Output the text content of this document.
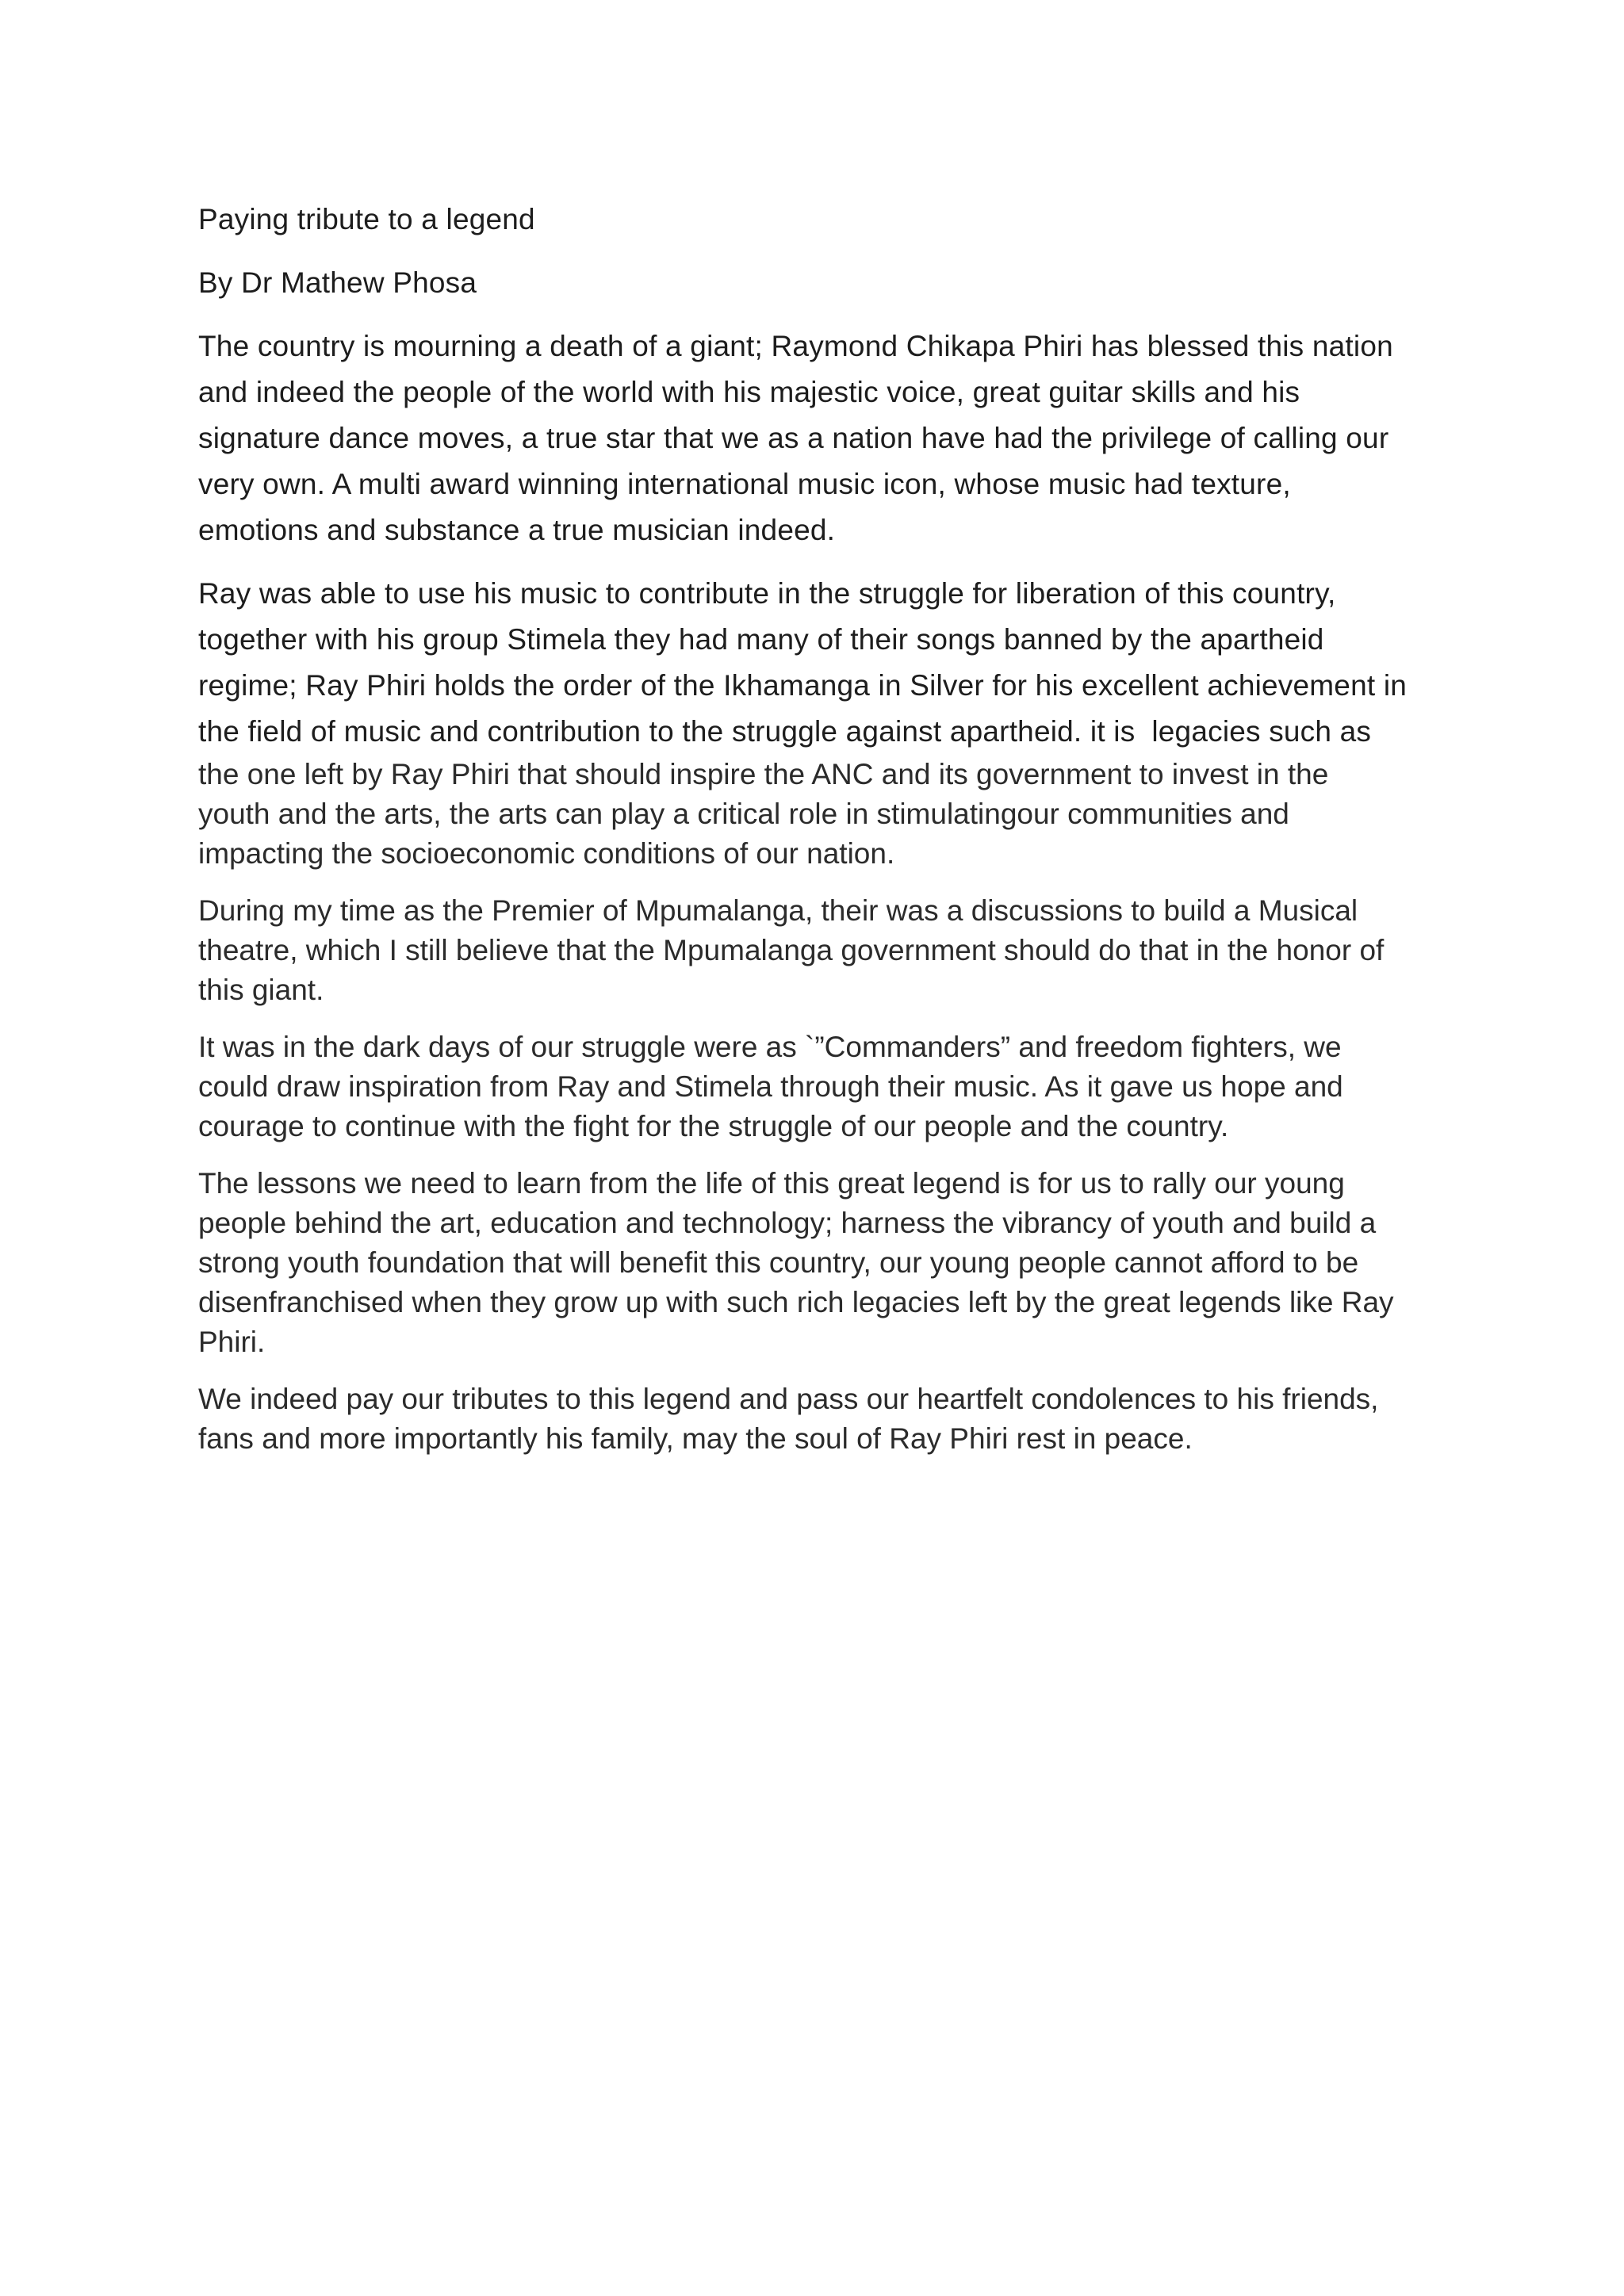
Paying tribute to a legend
By Dr Mathew Phosa

The country is mourning a death of a giant; Raymond Chikapa Phiri has blessed this nation

and indeed the people of the world with his majestic voice, great guitar skills and his

signature dance moves, a true star that we as a nation have had the privilege of calling our

very own. A multi award winning international music icon, whose music had texture,

emotions and substance a true musician indeed.

Ray was able to use his music to contribute in the struggle for liberation of this country,

together with his group Stimela they had many of their songs banned by the apartheid

regime; Ray Phiri holds the order of the Ikhamanga in Silver for his excellent achievement in

the field of music and contribution to the struggle against apartheid. it is  legacies such as

the one left by Ray Phiri that should inspire the ANC and its government to invest in the

youth and the arts, the arts can play a critical role in stimulatingour communities and

impacting the socioeconomic conditions of our nation.

During my time as the Premier of Mpumalanga, their was a discussions to build a Musical

theatre, which I still believe that the Mpumalanga government should do that in the honor of

this giant.

It was in the dark days of our struggle were as `”Commanders” and freedom fighters, we

could draw inspiration from Ray and Stimela through their music. As it gave us hope and

courage to continue with the fight for the struggle of our people and the country.

The lessons we need to learn from the life of this great legend is for us to rally our young

people behind the art, education and technology; harness the vibrancy of youth and build a

strong youth foundation that will benefit this country, our young people cannot afford to be

disenfranchised when they grow up with such rich legacies left by the great legends like Ray

Phiri.

We indeed pay our tributes to this legend and pass our heartfelt condolences to his friends,

fans and more importantly his family, may the soul of Ray Phiri rest in peace.
